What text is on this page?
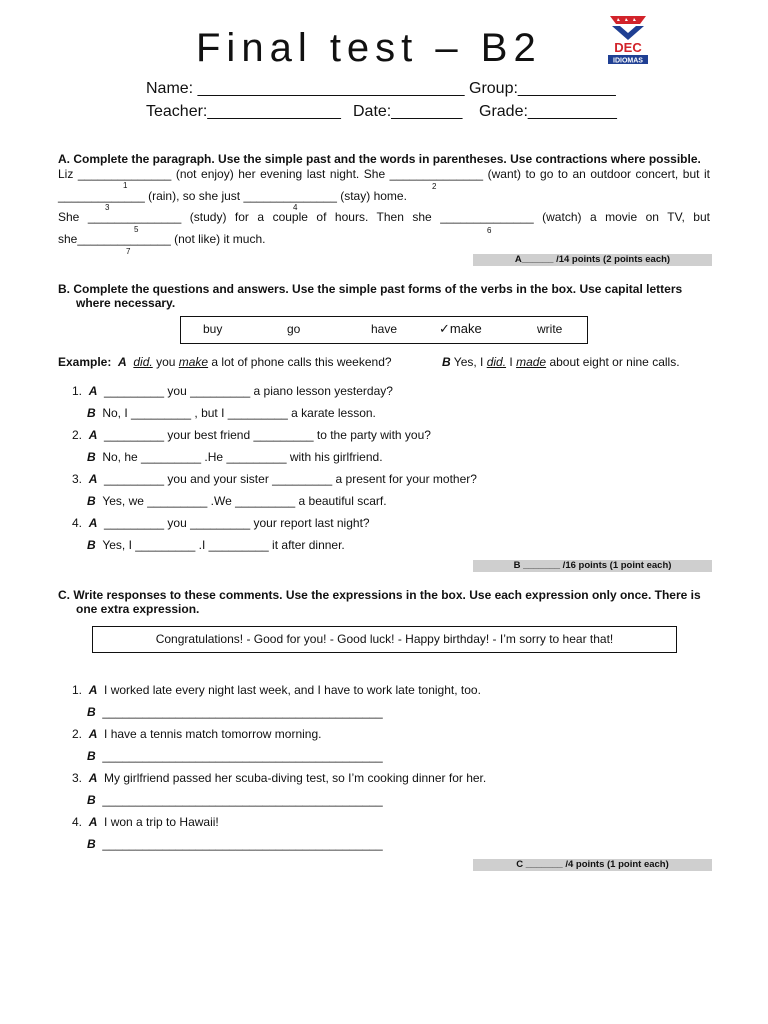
Final test – B2	DEC
IDIOMAS
Name: ______________________________ Group:___________
Teacher:_______________ Date:________ Grade:__________
A. Complete the paragraph. Use the simple past and the words in parentheses. Use contractions where possible.
Liz ______________ (not enjoy) her evening last night. She ______________ (want) to go to an outdoor concert, but it
1	2
_____________ (rain), so she just ______________ (stay) home.
3	4
She ______________ (study) for a couple of hours. Then she ______________ (watch) a movie on TV, but
5	6
she______________ (not like) it much.
7
A______ /14 points (2 points each)
B. Complete the questions and answers. Use the simple past forms of the verbs in the box. Use capital letters
where necessary.
buy	go	have	✓make	write
Example: A did. you make a lot of phone calls this weekend?	B Yes, I did. I made about eight or nine calls.
1. A _________ you _________ a piano lesson yesterday?
B No, I _________ , but I _________ a karate lesson.
2. A _________ your best friend _________ to the party with you?
B No, he _________ .He _________ with his girlfriend.
3. A _________ you and your sister _________ a present for your mother?
B Yes, we _________ .We _________ a beautiful scarf.
4. A _________ you _________ your report last night?
B Yes, I _________ .I _________ it after dinner.
B _______ /16 points (1 point each)
C. Write responses to these comments. Use the expressions in the box. Use each expression only once. There is
one extra expression.
Congratulations! - Good for you! - Good luck! - Happy birthday! - I’m sorry to hear that!
1. A I worked late every night last week, and I have to work late tonight, too.
B __________________________________________
2. A I have a tennis match tomorrow morning.
B __________________________________________
3. A My girlfriend passed her scuba-diving test, so I’m cooking dinner for her.
B __________________________________________
4. A I won a trip to Hawaii!
B __________________________________________
C _______ /4 points (1 point each)
